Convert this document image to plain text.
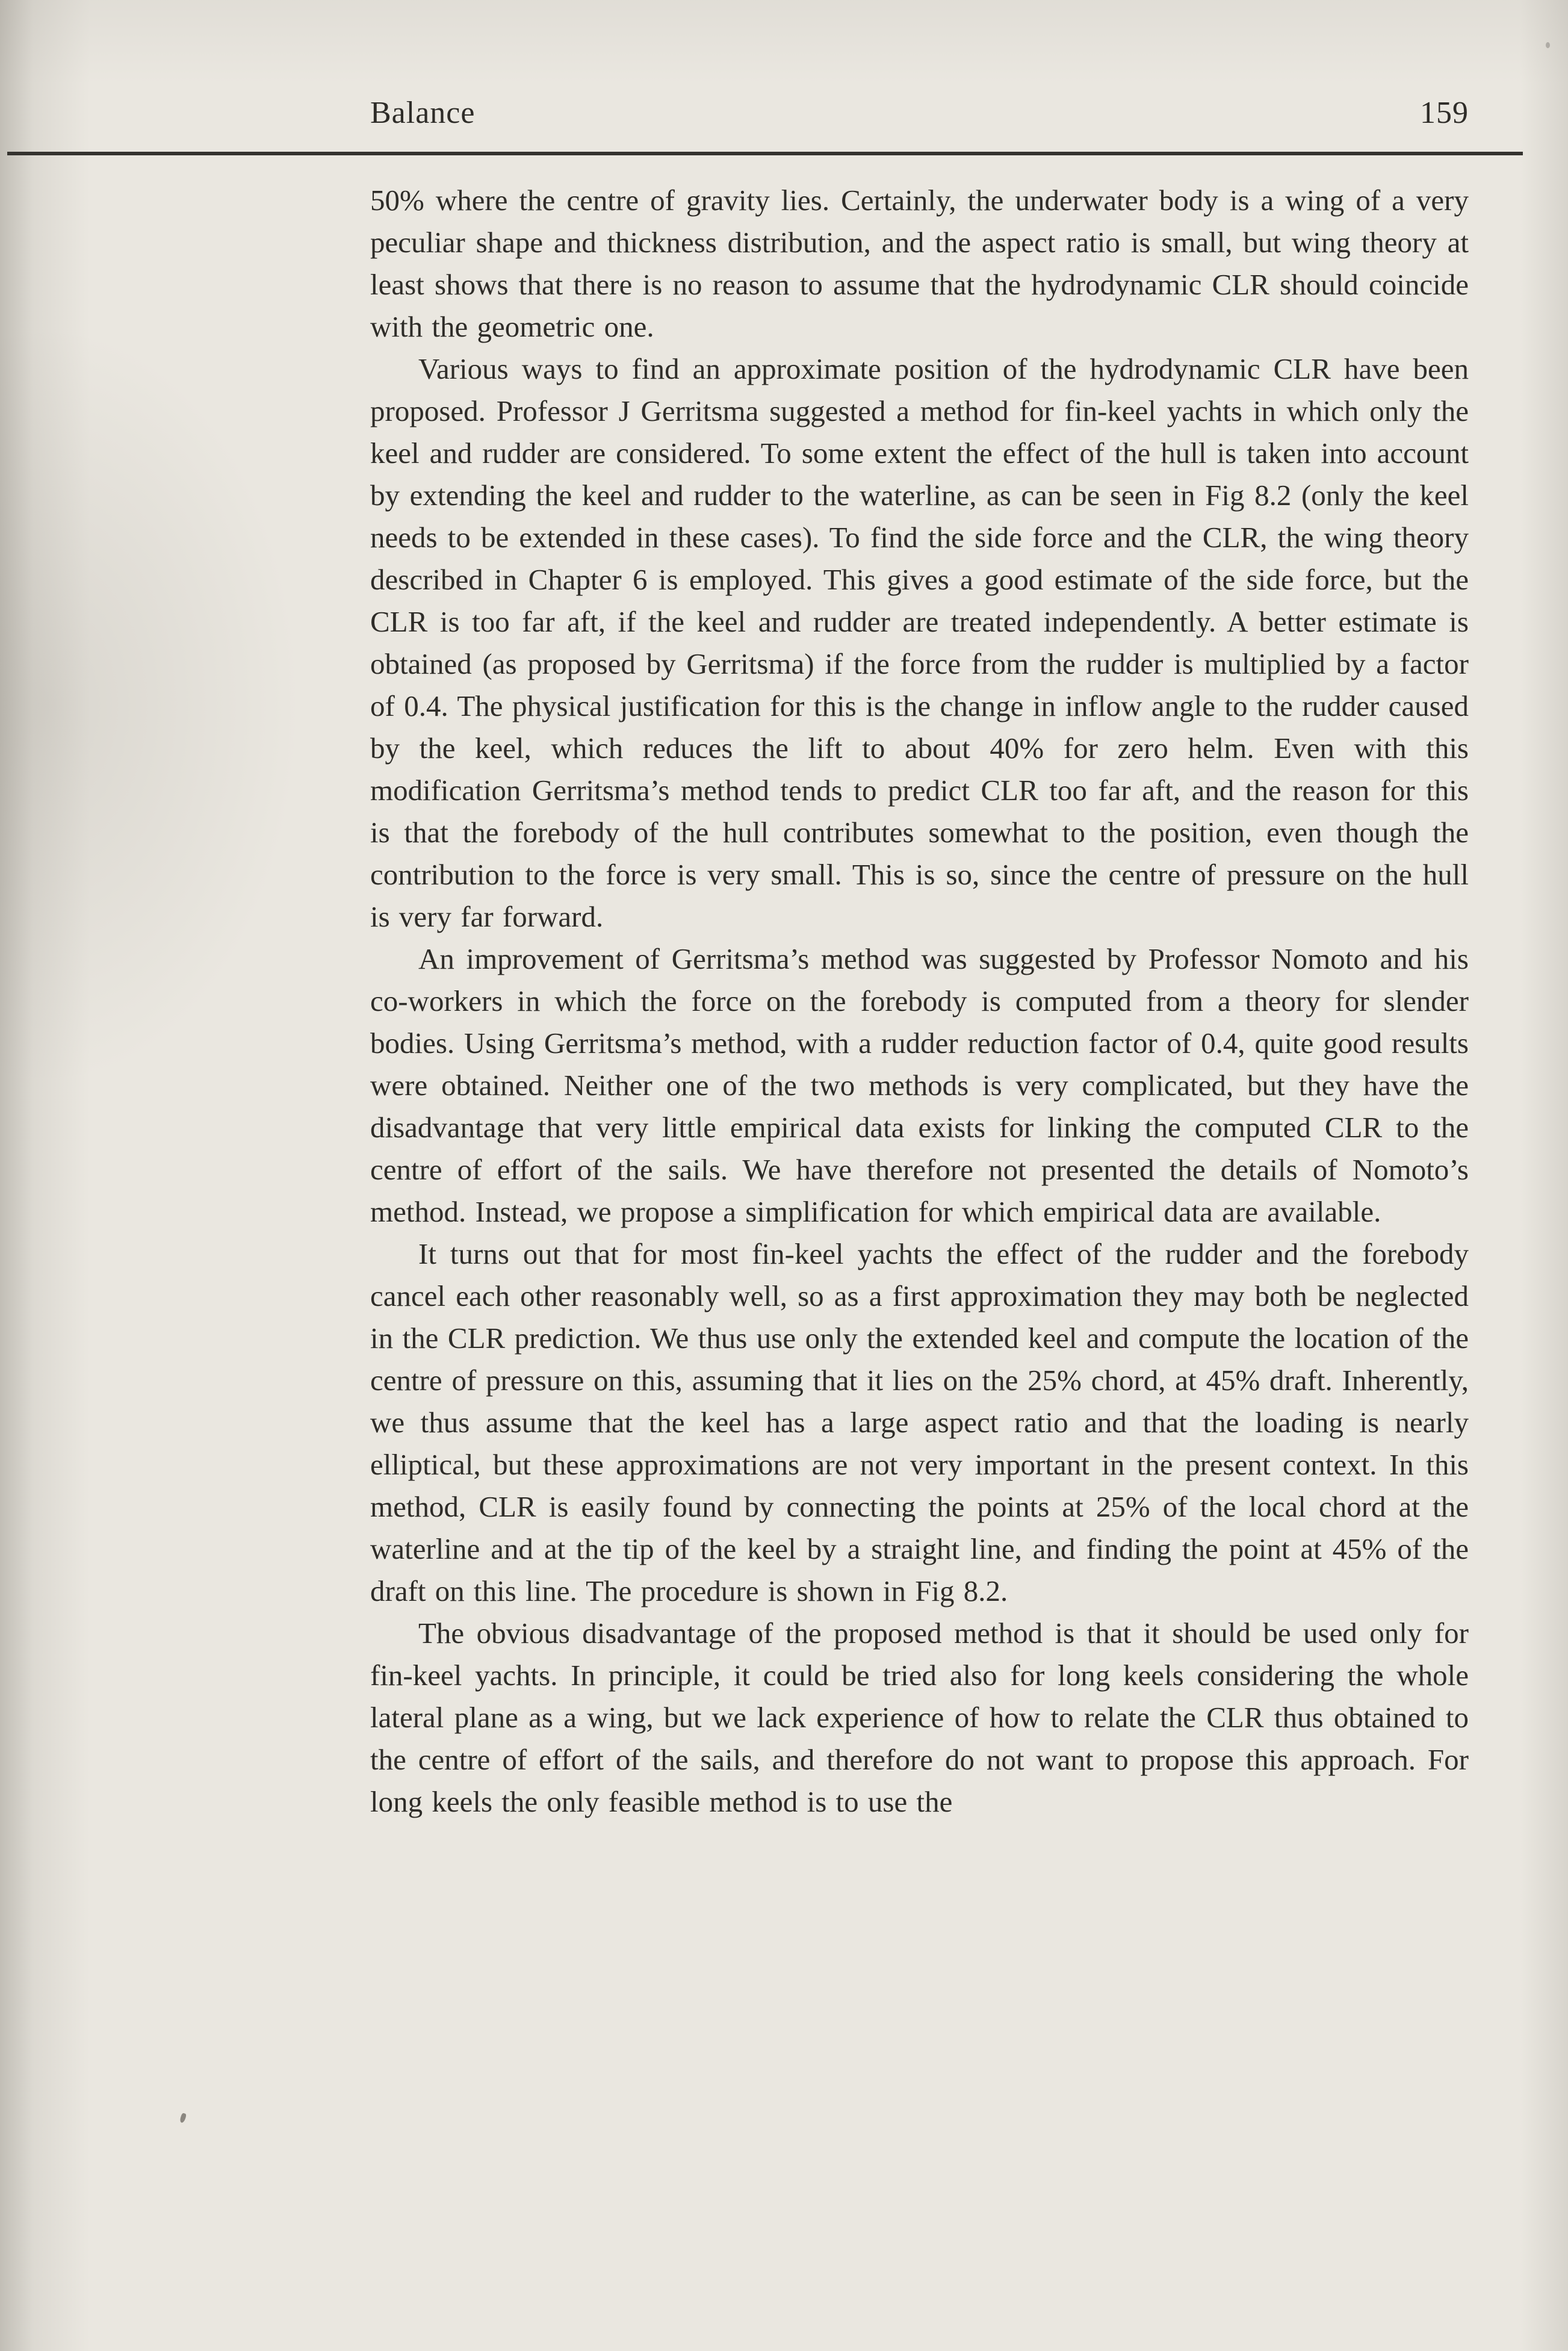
Balance	159

50% where the centre of gravity lies. Certainly, the underwater body is a wing of a very peculiar shape and thickness distribution, and the aspect ratio is small, but wing theory at least shows that there is no reason to assume that the hydrodynamic CLR should coincide with the geometric one.

Various ways to find an approximate position of the hydrodynamic CLR have been proposed. Professor J Gerritsma suggested a method for fin-keel yachts in which only the keel and rudder are considered. To some extent the effect of the hull is taken into account by extending the keel and rudder to the waterline, as can be seen in Fig 8.2 (only the keel needs to be extended in these cases). To find the side force and the CLR, the wing theory described in Chapter 6 is employed. This gives a good estimate of the side force, but the CLR is too far aft, if the keel and rudder are treated independently. A better estimate is obtained (as proposed by Gerritsma) if the force from the rudder is multiplied by a factor of 0.4. The physical justification for this is the change in inflow angle to the rudder caused by the keel, which reduces the lift to about 40% for zero helm. Even with this modification Gerritsma’s method tends to predict CLR too far aft, and the reason for this is that the forebody of the hull contributes somewhat to the position, even though the contribution to the force is very small. This is so, since the centre of pressure on the hull is very far forward.

An improvement of Gerritsma’s method was suggested by Professor Nomoto and his co-workers in which the force on the forebody is computed from a theory for slender bodies. Using Gerritsma’s method, with a rudder reduction factor of 0.4, quite good results were obtained. Neither one of the two methods is very complicated, but they have the disadvantage that very little empirical data exists for linking the computed CLR to the centre of effort of the sails. We have therefore not presented the details of Nomoto’s method. Instead, we propose a simplification for which empirical data are available.

It turns out that for most fin-keel yachts the effect of the rudder and the forebody cancel each other reasonably well, so as a first approximation they may both be neglected in the CLR prediction. We thus use only the extended keel and compute the location of the centre of pressure on this, assuming that it lies on the 25% chord, at 45% draft. Inherently, we thus assume that the keel has a large aspect ratio and that the loading is nearly elliptical, but these approximations are not very important in the present context. In this method, CLR is easily found by connecting the points at 25% of the local chord at the waterline and at the tip of the keel by a straight line, and finding the point at 45% of the draft on this line. The procedure is shown in Fig 8.2.

The obvious disadvantage of the proposed method is that it should be used only for fin-keel yachts. In principle, it could be tried also for long keels considering the whole lateral plane as a wing, but we lack experience of how to relate the CLR thus obtained to the centre of effort of the sails, and therefore do not want to propose this approach. For long keels the only feasible method is to use the
